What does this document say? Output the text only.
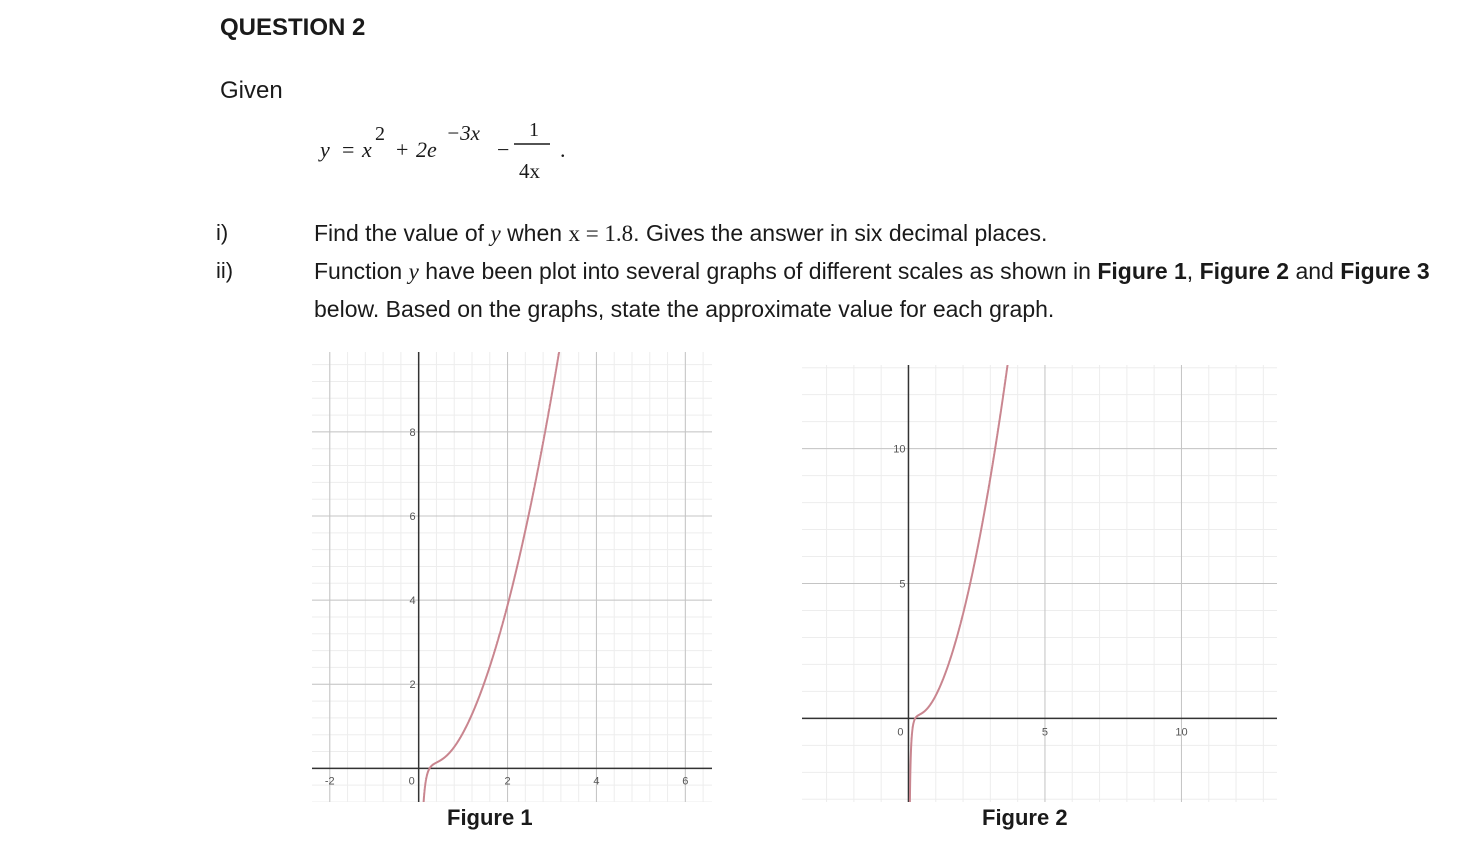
QUESTION 2
Given
y = x
2
+ 2e
−3x
−
1
4x
.
i)	Find the value of y when x = 1.8. Gives the answer in six decimal places.
ii)	Function y have been plot into several graphs of different scales as shown in Figure 1, Figure 2 and Figure 3
below. Based on the graphs, state the approximate value for each graph.
-2	0	2	4	6
2
4
6
8
Figure 1
0	5	10
5
10
Figure 2
